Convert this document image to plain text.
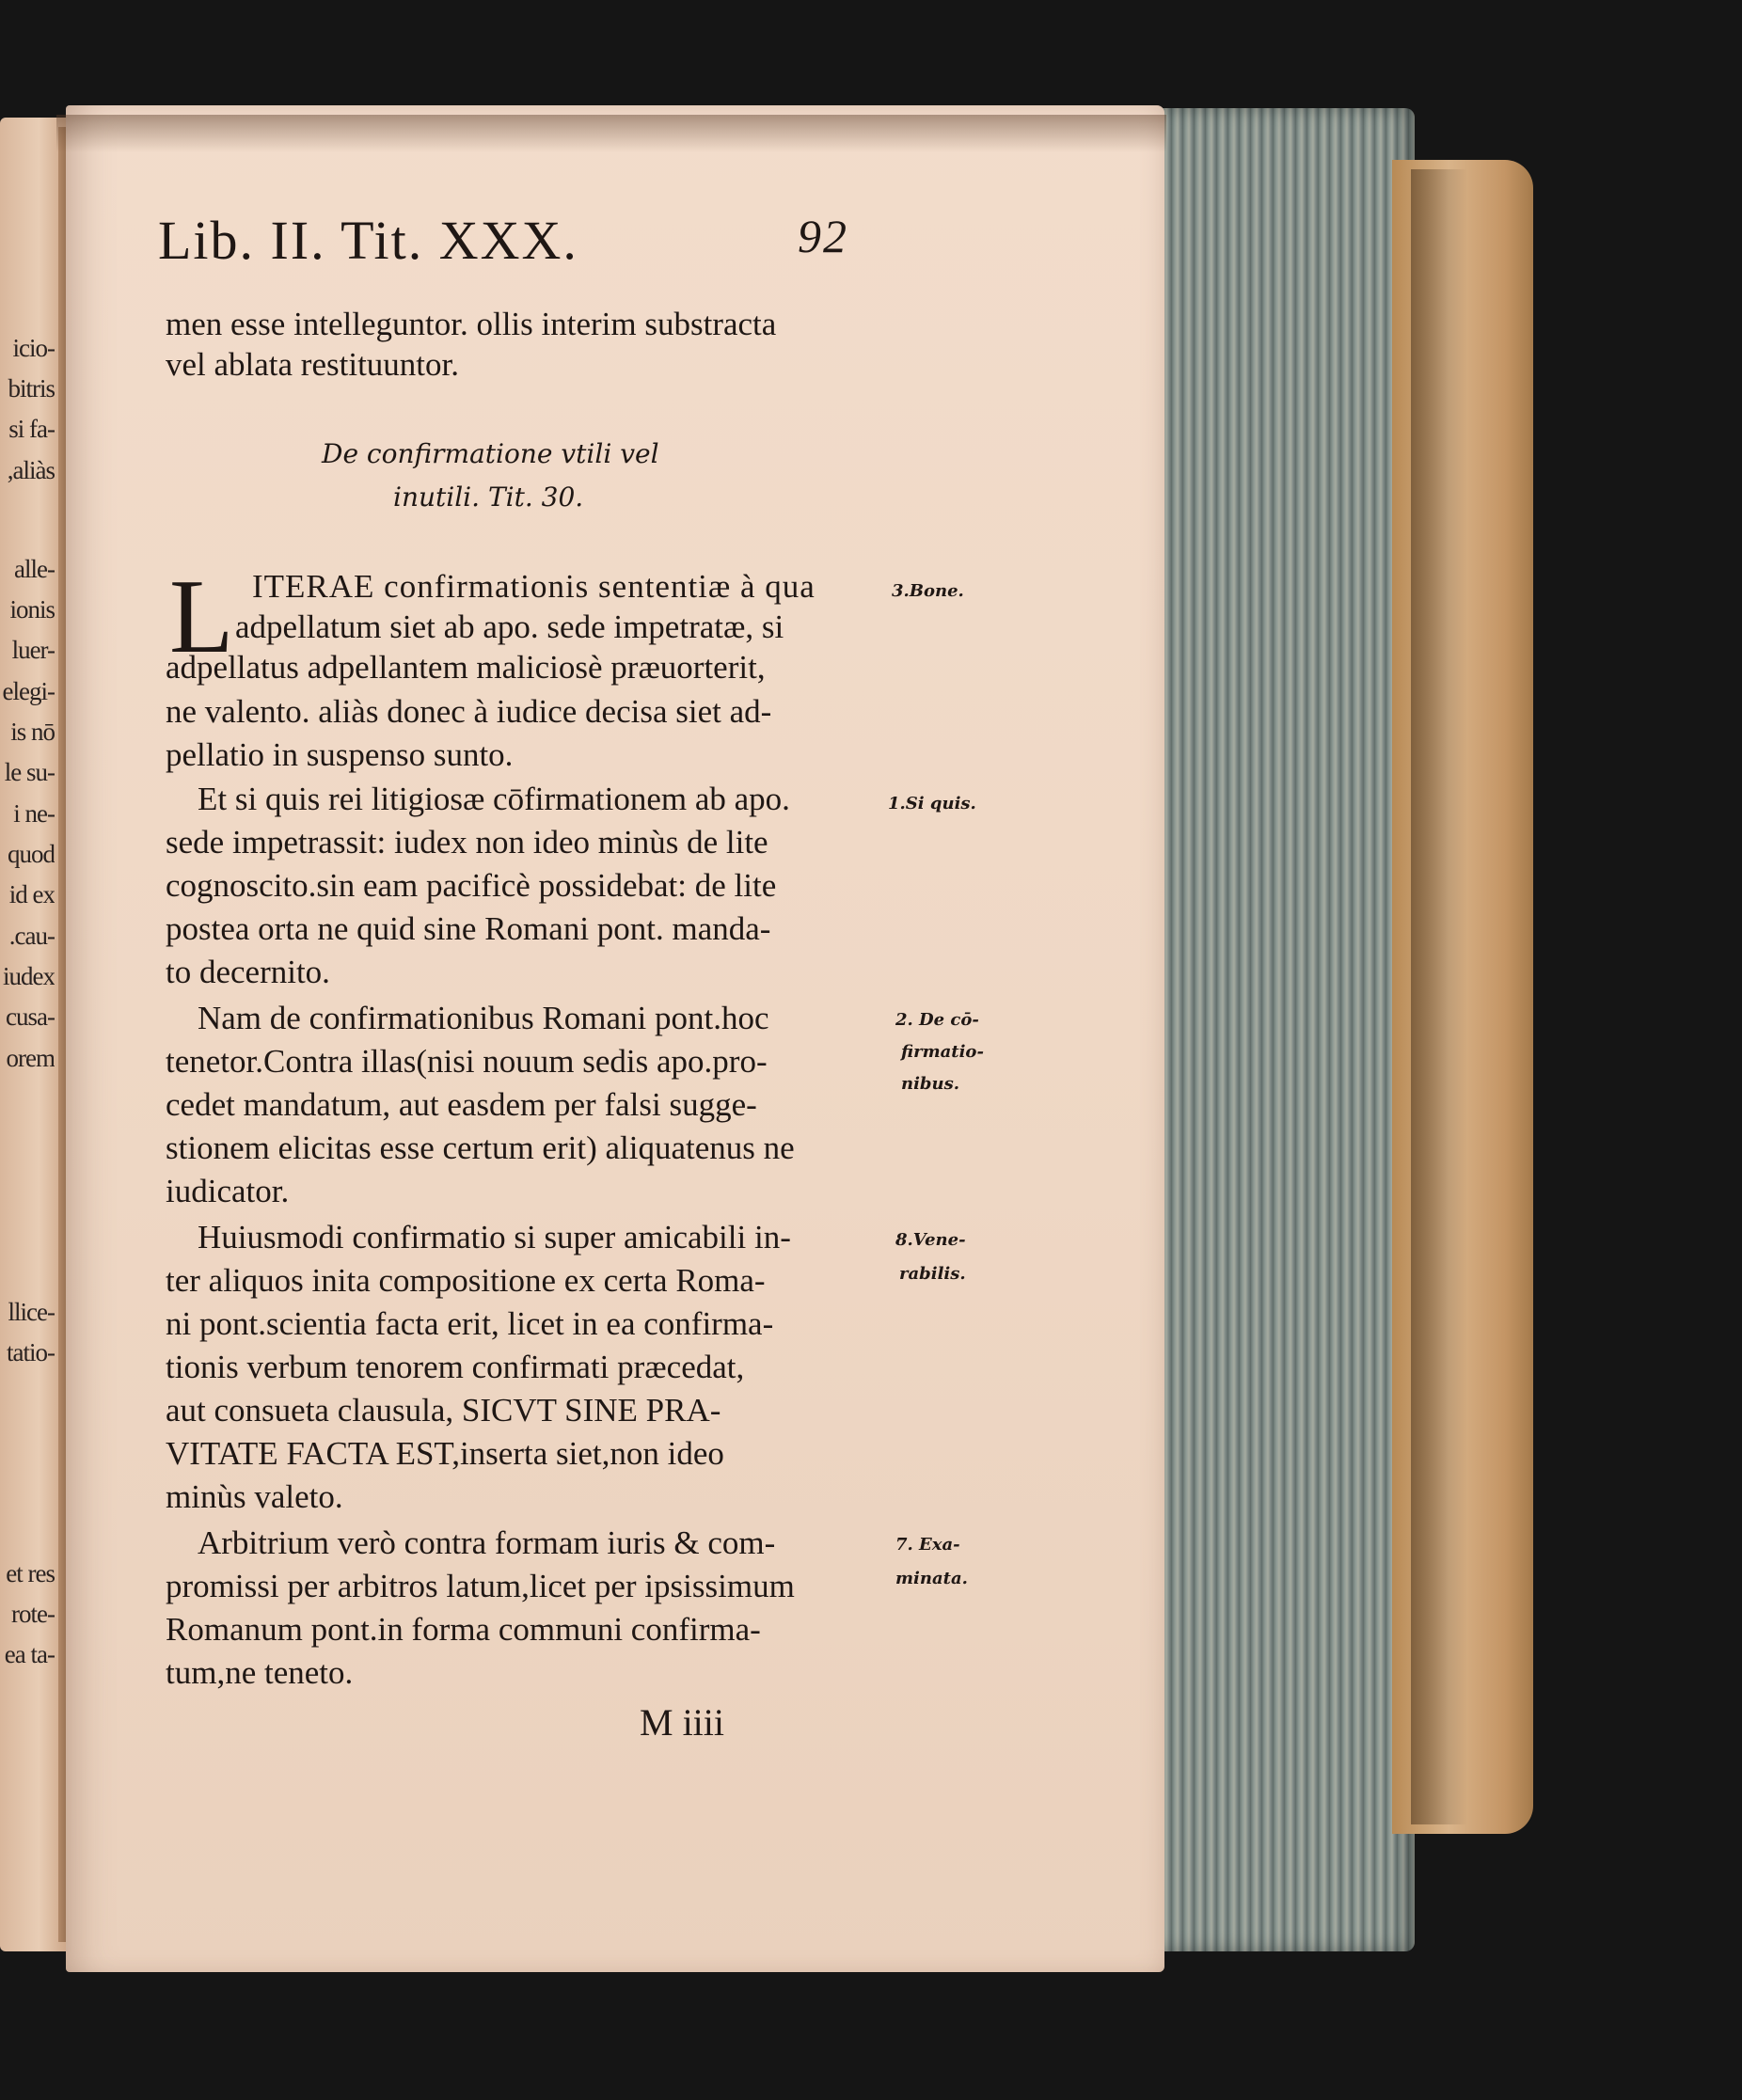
icio-
bitris
si fa-
,aliàs
alle-
ionis
luer-
elegi-
is nō
le su-
i ne-
quod
id ex
.cau-
iudex
cusa-
orem
llice-
tatio-
et res
rote-
ea ta-
Lib. II. Tit. XXX.	92
men esse intelleguntor. ollis interim substracta
vel ablata restituuntor.
De confirmatione vtili vel
inutili. Tit. 30.
L ITERAE confirmationis sententiæ à qua
adpellatum siet ab apo. sede impetratæ, si
adpellatus adpellantem maliciosè præuorterit,
ne valento. aliàs donec à iudice decisa siet ad-
pellatio in suspenso sunto.
Et si quis rei litigiosæ cōfirmationem ab apo.
sede impetrassit: iudex non ideo minùs de lite
cognoscito.sin eam pacificè possidebat: de lite
postea orta ne quid sine Romani pont. manda-
to decernito.
Nam de confirmationibus Romani pont.hoc
tenetor.Contra illas(nisi nouum sedis apo.pro-
cedet mandatum, aut easdem per falsi sugge-
stionem elicitas esse certum erit) aliquatenus ne
iudicator.
Huiusmodi confirmatio si super amicabili in-
ter aliquos inita compositione ex certa Roma-
ni pont.scientia facta erit, licet in ea confirma-
tionis verbum tenorem confirmati præcedat,
aut consueta clausula, SICVT SINE PRA-
VITATE FACTA EST,inserta siet,non ideo
minùs valeto.
Arbitrium verò contra formam iuris & com-
promissi per arbitros latum,licet per ipsissimum
Romanum pont.in forma communi confirma-
tum,ne teneto.
3.Bone.
1.Si quis.
2. De cō-
firmatio-
nibus.
8.Vene-
rabilis.
7. Exa-
minata.
M iiii
